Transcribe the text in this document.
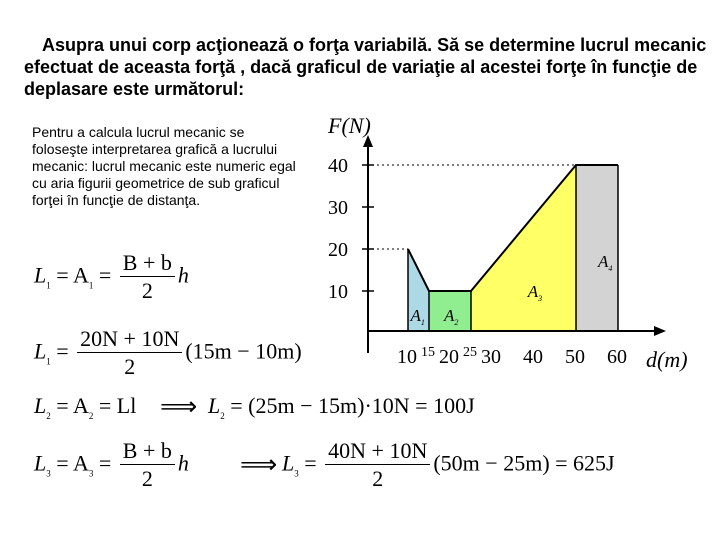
Asupra unui corp acţionează o forţa variabilă. Să se determine lucrul mecanic efectuat de aceasta forţă , dacă graficul de variaţie al acestei forţe în funcţie de deplasare este următorul:
Pentru a calcula lucrul mecanic se foloseşte interpretarea grafică a lucrului mecanic: lucrul mecanic este numeric egal cu aria figurii geometrice de sub graficul forţei în funcţie de distanţa.
10
20
30
40
10 15 20 25 30 40 50 60
F(N)
d(m)
$A_1$ $A_2$
$A_3$
$A_4$
$L_1 = A_1 = \frac{B + b}{2}$ h
$L_1 = \frac{20N + 10N}{2} (15m - 10m)$
$L_2 = A_2 = Ll$ ⟹ $L_2 = (25m - 15m)\cdot 10N = 100J$
$L_3 = A_3 = \frac{B + b}{2}$ h ⟹ $L_3 = \frac{40N + 10N}{2} (50m - 25m) = 625J$
